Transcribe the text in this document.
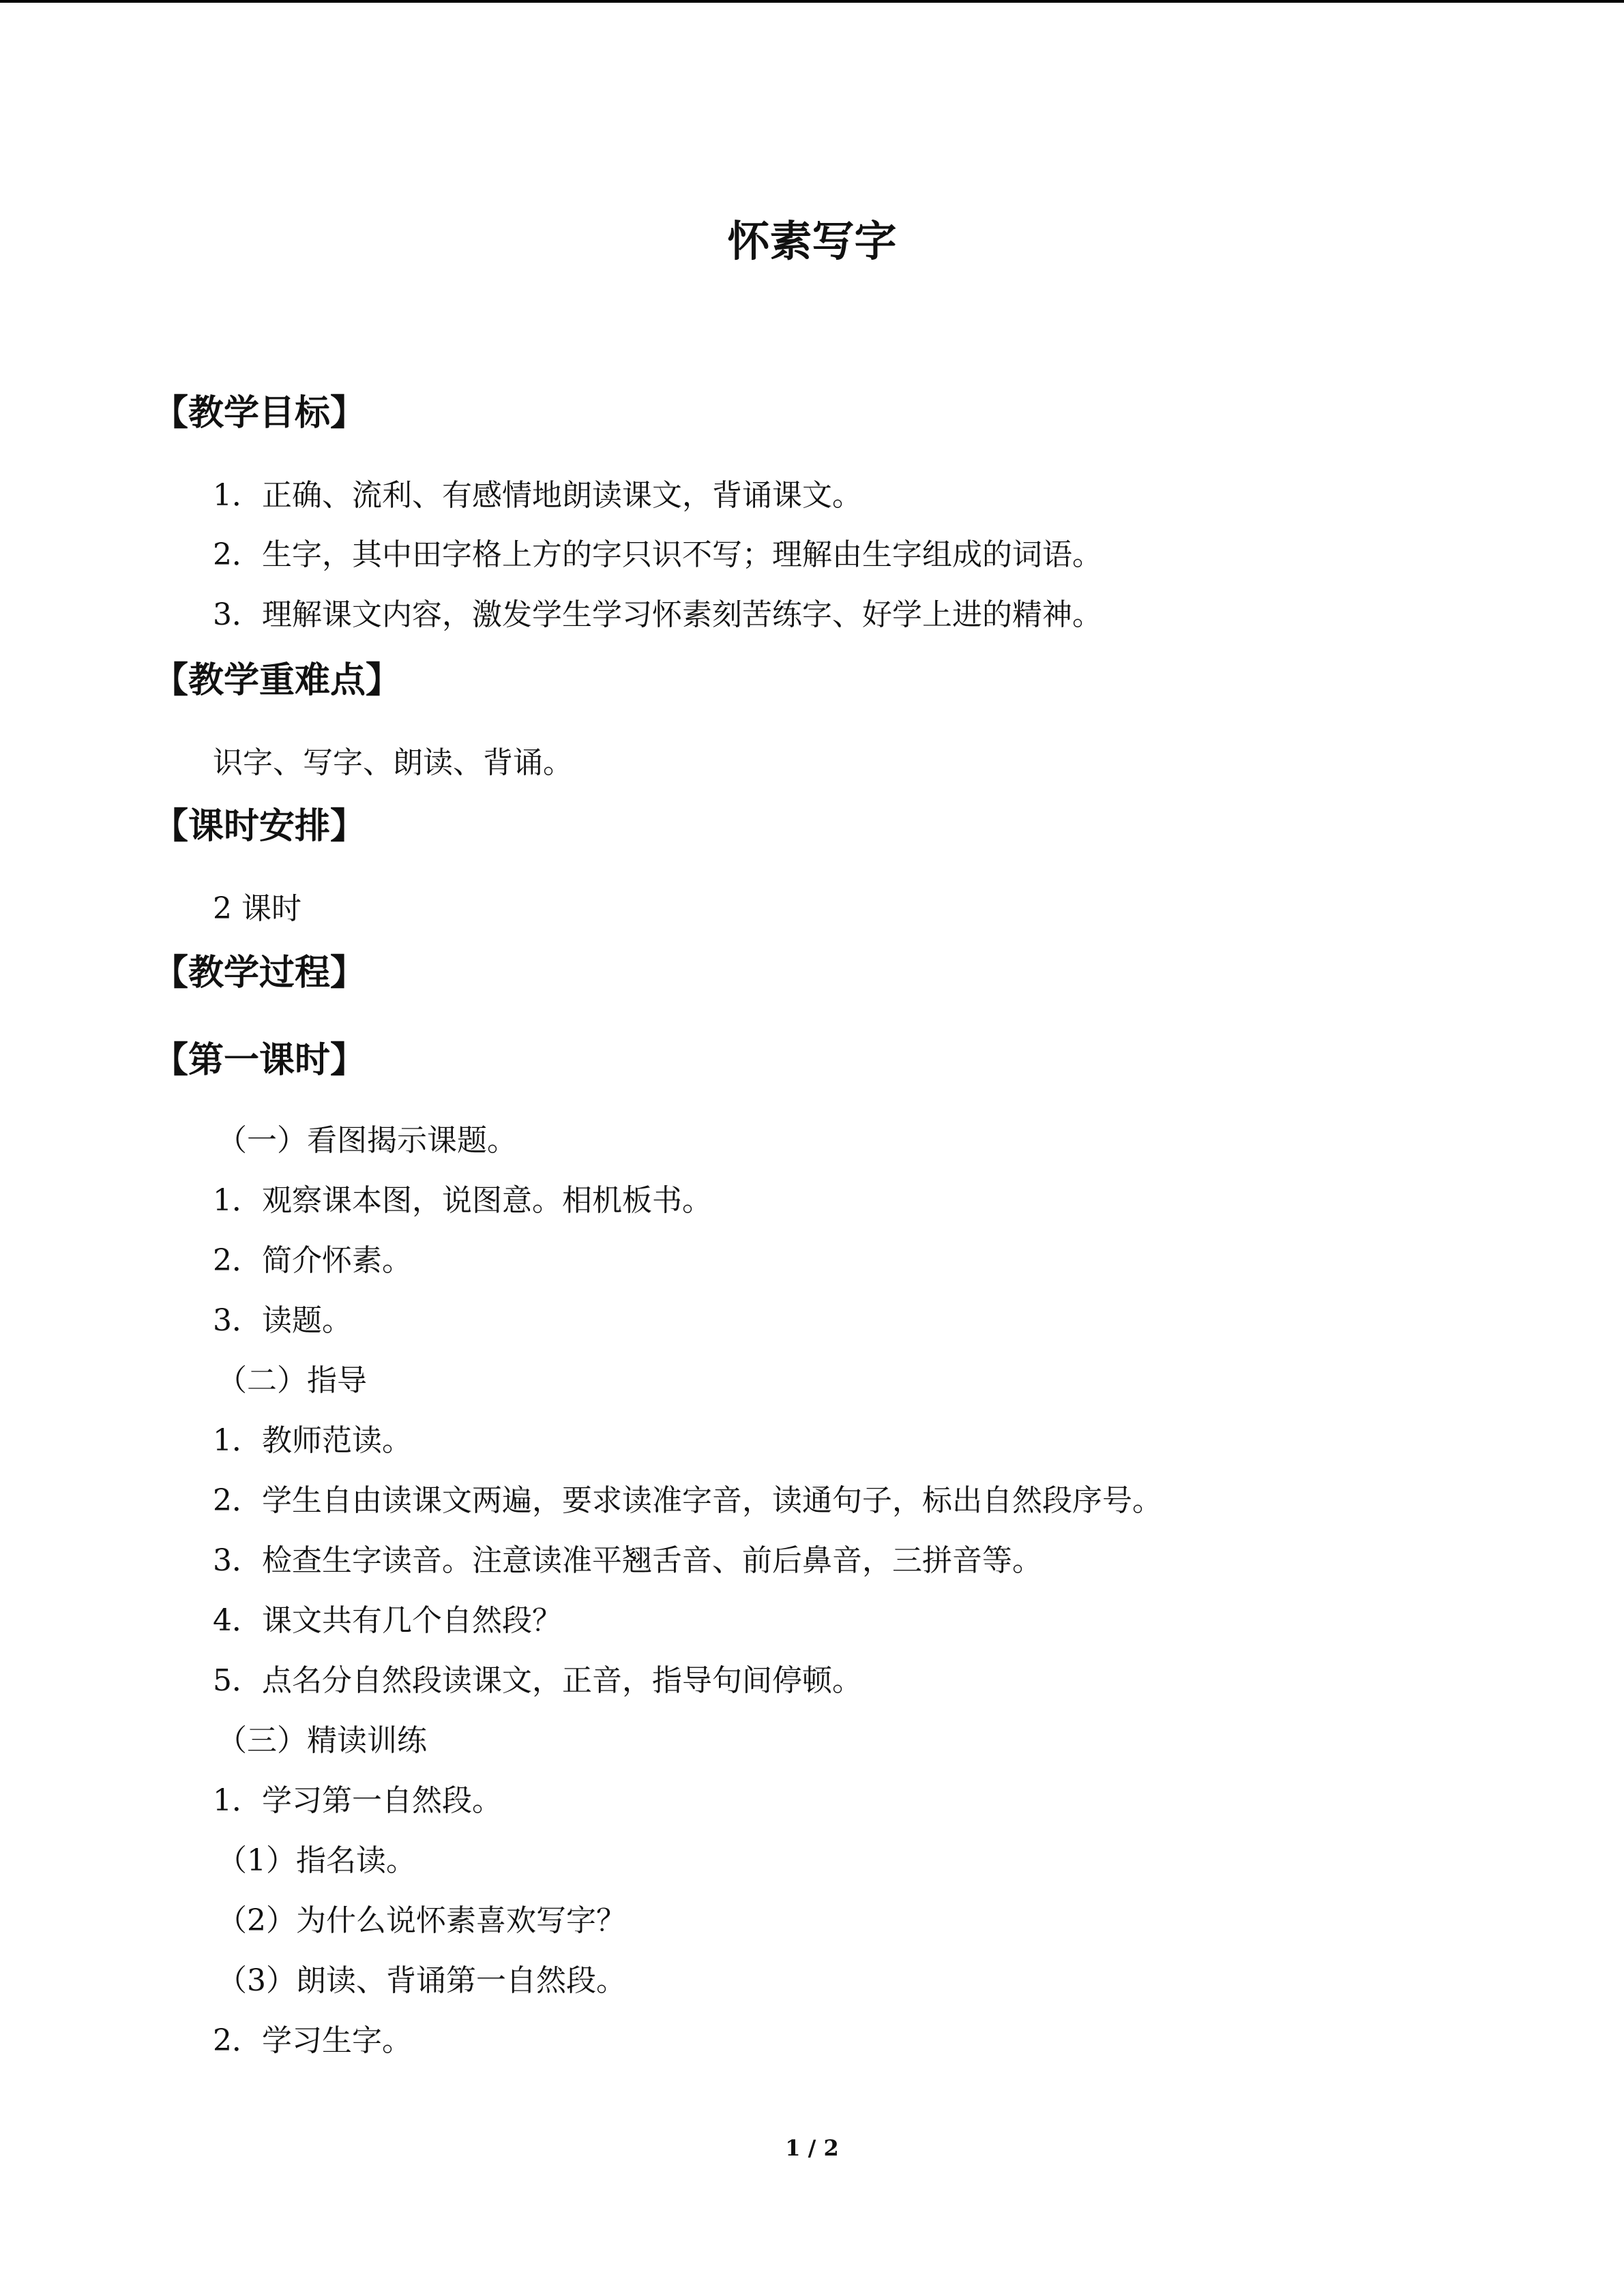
怀素写字
【教学目标】
1．正确、流利、有感情地朗读课文，背诵课文。
2．生字，其中田字格上方的字只识不写；理解由生字组成的词语。
3．理解课文内容，激发学生学习怀素刻苦练字、好学上进的精神。
【教学重难点】
识字、写字、朗读、背诵。
【课时安排】
2 课时
【教学过程】
【第一课时】
（一）看图揭示课题。
1．观察课本图，说图意。相机板书。
2．简介怀素。
3．读题。
（二）指导
1．教师范读。
2．学生自由读课文两遍，要求读准字音，读通句子，标出自然段序号。
3．检查生字读音。注意读准平翘舌音、前后鼻音，三拼音等。
4．课文共有几个自然段？
5．点名分自然段读课文，正音，指导句间停顿。
（三）精读训练
1．学习第一自然段。
（1）指名读。
（2）为什么说怀素喜欢写字？
（3）朗读、背诵第一自然段。
2．学习生字。
1 / 2
